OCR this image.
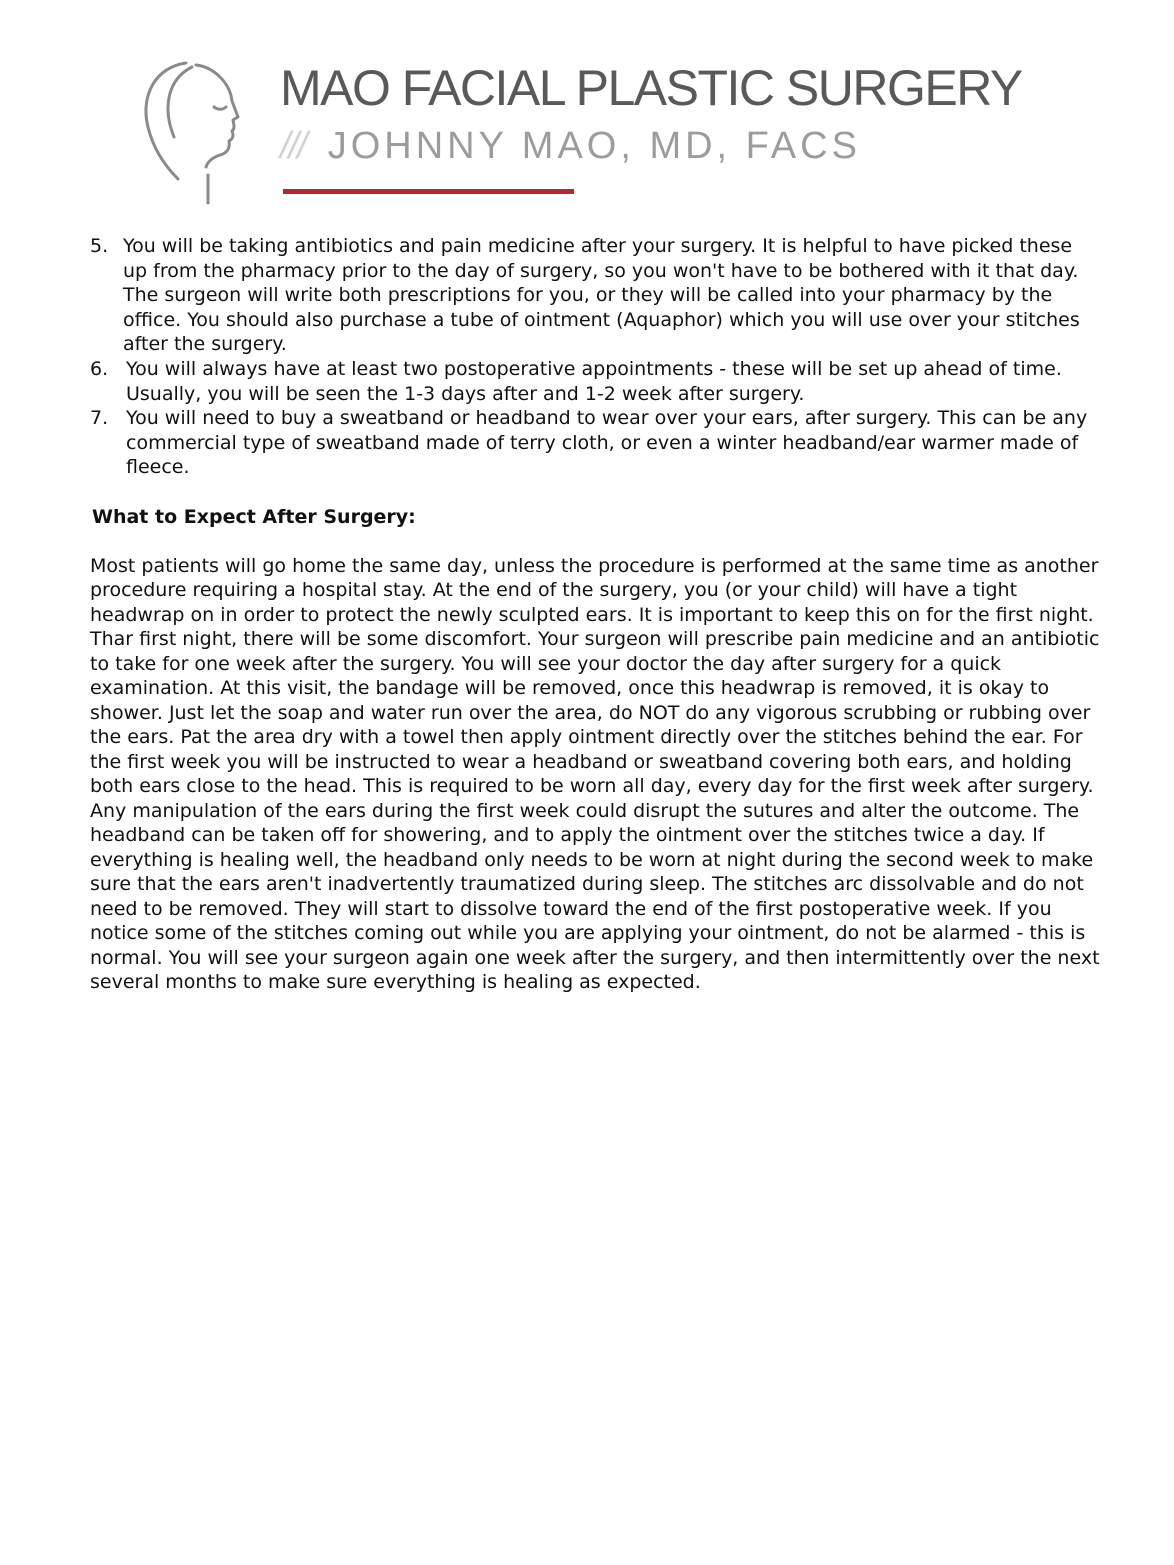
MAO FACIAL PLASTIC SURGERY
/// JOHNNY MAO, MD, FACS
5. You will be taking antibiotics and pain medicine after your surgery. It is helpful to have picked these up from the pharmacy prior to the day of surgery, so you won't have to be bothered with it that day. The surgeon will write both prescriptions for you, or they will be called into your pharmacy by the office. You should also purchase a tube of ointment (Aquaphor) which you will use over your stitches after the surgery.
6. You will always have at least two postoperative appointments - these will be set up ahead of time. Usually, you will be seen the 1-3 days after and 1-2 week after surgery.
7. You will need to buy a sweatband or headband to wear over your ears, after surgery. This can be any commercial type of sweatband made of terry cloth, or even a winter headband/ear warmer made of fleece.
What to Expect After Surgery:

Most patients will go home the same day, unless the procedure is performed at the same time as another procedure requiring a hospital stay. At the end of the surgery, you (or your child) will have a tight headwrap on in order to protect the newly sculpted ears. It is important to keep this on for the first night. Thar first night, there will be some discomfort. Your surgeon will prescribe pain medicine and an antibiotic to take for one week after the surgery. You will see your doctor the day after surgery for a quick examination. At this visit, the bandage will be removed, once this headwrap is removed, it is okay to shower. Just let the soap and water run over the area, do NOT do any vigorous scrubbing or rubbing over the ears. Pat the area dry with a towel then apply ointment directly over the stitches behind the ear. For the first week you will be instructed to wear a headband or sweatband covering both ears, and holding both ears close to the head. This is required to be worn all day, every day for the first week after surgery. Any manipulation of the ears during the first week could disrupt the sutures and alter the outcome. The headband can be taken off for showering, and to apply the ointment over the stitches twice a day. If everything is healing well, the headband only needs to be worn at night during the second week to make sure that the ears aren't inadvertently traumatized during sleep. The stitches arc dissolvable and do not need to be removed. They will start to dissolve toward the end of the first postoperative week. If you notice some of the stitches coming out while you are applying your ointment, do not be alarmed - this is normal. You will see your surgeon again one week after the surgery, and then intermittently over the next several months to make sure everything is healing as expected.
